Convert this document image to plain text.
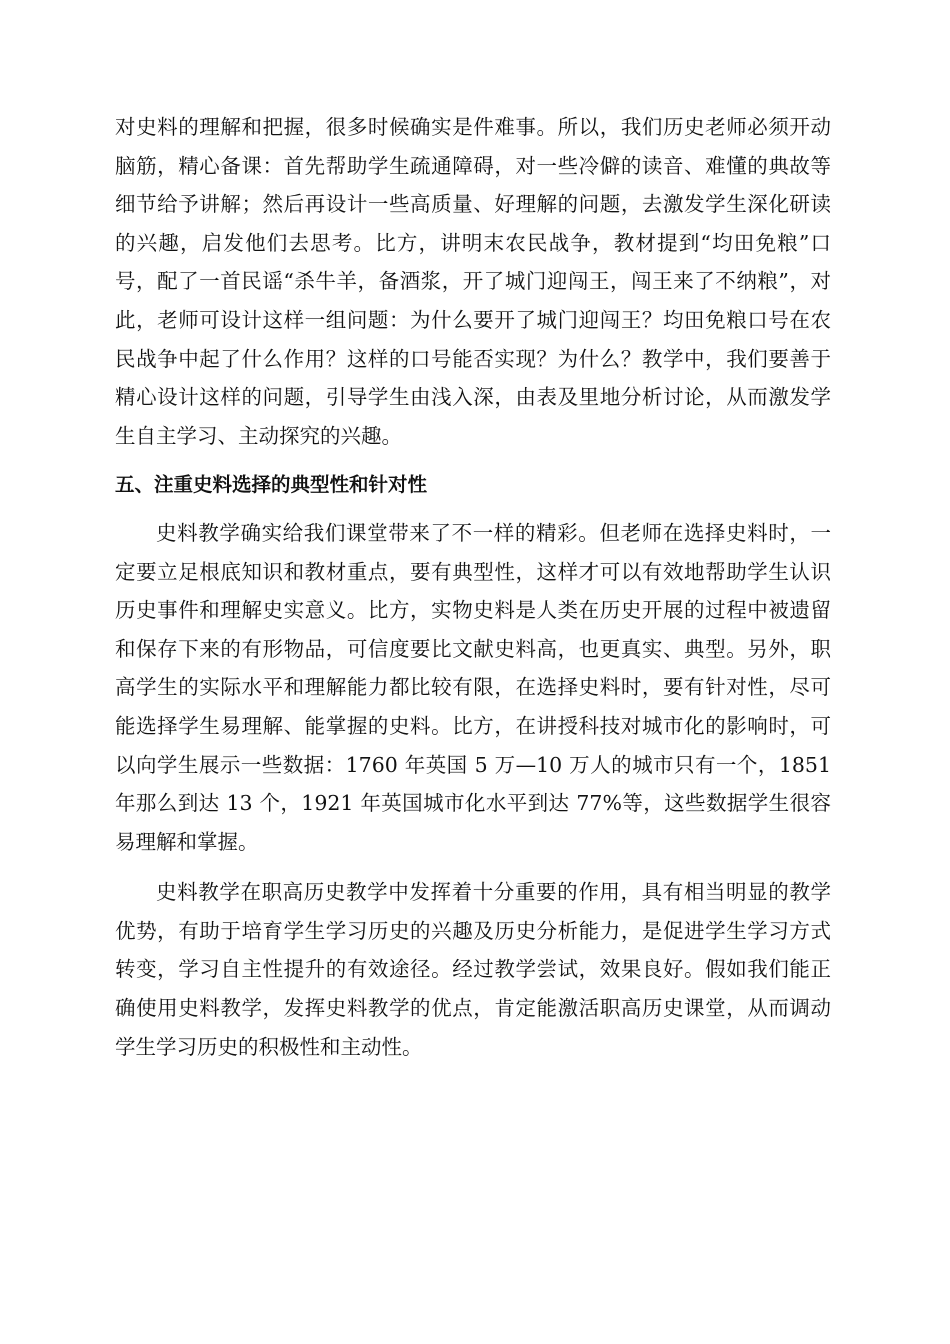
对史料的理解和把握，很多时候确实是件难事。所以，我们历史老师必须开动脑筋，精心备课：首先帮助学生疏通障碍，对一些冷僻的读音、难懂的典故等细节给予讲解；然后再设计一些高质量、好理解的问题，去激发学生深化研读的兴趣，启发他们去思考。比方，讲明末农民战争，教材提到“均田免粮”口号，配了一首民谣“杀牛羊，备酒浆，开了城门迎闯王，闯王来了不纳粮”，对此，老师可设计这样一组问题：为什么要开了城门迎闯王？均田免粮口号在农民战争中起了什么作用？这样的口号能否实现？为什么？教学中，我们要善于精心设计这样的问题，引导学生由浅入深，由表及里地分析讨论，从而激发学生自主学习、主动探究的兴趣。

五、注重史料选择的典型性和针对性

史料教学确实给我们课堂带来了不一样的精彩。但老师在选择史料时，一定要立足根底知识和教材重点，要有典型性，这样才可以有效地帮助学生认识历史事件和理解史实意义。比方，实物史料是人类在历史开展的过程中被遗留和保存下来的有形物品，可信度要比文献史料高，也更真实、典型。另外，职高学生的实际水平和理解能力都比较有限，在选择史料时，要有针对性，尽可能选择学生易理解、能掌握的史料。比方，在讲授科技对城市化的影响时，可以向学生展示一些数据：1760 年英国 5 万—10 万人的城市只有一个，1851 年那么到达 13 个，1921 年英国城市化水平到达 77%等，这些数据学生很容易理解和掌握。

史料教学在职高历史教学中发挥着十分重要的作用，具有相当明显的教学优势，有助于培育学生学习历史的兴趣及历史分析能力，是促进学生学习方式转变，学习自主性提升的有效途径。经过教学尝试，效果良好。假如我们能正确使用史料教学，发挥史料教学的优点，肯定能激活职高历史课堂，从而调动学生学习历史的积极性和主动性。
